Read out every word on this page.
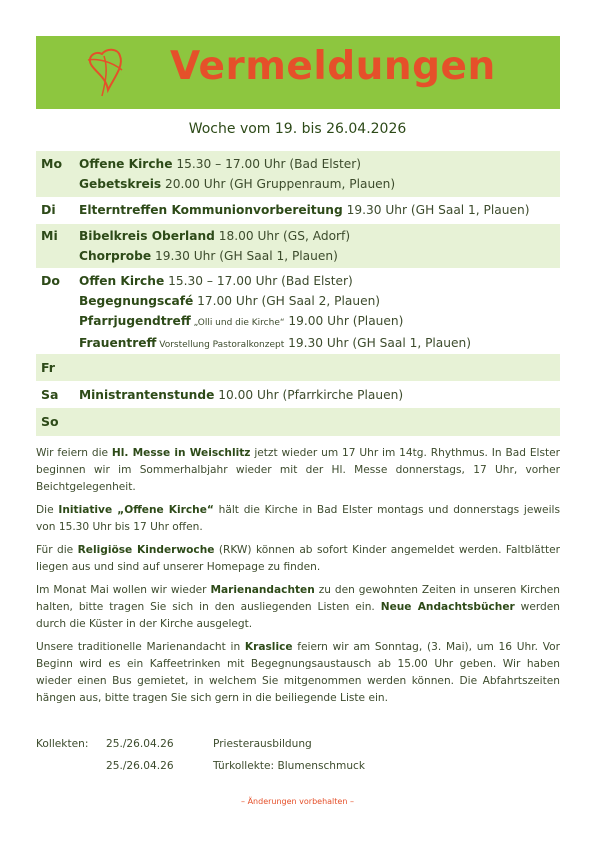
Vermeldungen
Woche vom 19. bis 26.04.2026
Mo	Offene Kirche 15.30 – 17.00 Uhr (Bad Elster)
Gebetskreis 20.00 Uhr (GH Gruppenraum, Plauen)
Di	Elterntreffen Kommunionvorbereitung 19.30 Uhr (GH Saal 1, Plauen)
Mi	Bibelkreis Oberland 18.00 Uhr (GS, Adorf)
Chorprobe 19.30 Uhr (GH Saal 1, Plauen)
Do	Offen Kirche 15.30 – 17.00 Uhr (Bad Elster)
Begegnungscafé 17.00 Uhr (GH Saal 2, Plauen)
Pfarrjugendtreff „Olli und die Kirche“ 19.00 Uhr (Plauen)
Frauentreff Vorstellung Pastoralkonzept 19.30 Uhr (GH Saal 1, Plauen)
Fr
Sa	Ministrantenstunde 10.00 Uhr (Pfarrkirche Plauen)
So

Wir feiern die Hl. Messe in Weischlitz jetzt wieder um 17 Uhr im 14tg. Rhythmus. In Bad Elster beginnen wir im Sommerhalbjahr wieder mit der Hl. Messe donnerstags, 17 Uhr, vorher Beichtgelegenheit.

Die Initiative „Offene Kirche“ hält die Kirche in Bad Elster montags und donnerstags jeweils von 15.30 Uhr bis 17 Uhr offen.

Für die Religiöse Kinderwoche (RKW) können ab sofort Kinder angemeldet werden. Faltblätter liegen aus und sind auf unserer Homepage zu finden.

Im Monat Mai wollen wir wieder Marienandachten zu den gewohnten Zeiten in unseren Kirchen halten, bitte tragen Sie sich in den ausliegenden Listen ein. Neue Andachtsbücher werden durch die Küster in der Kirche ausgelegt.

Unsere traditionelle Marienandacht in Kraslice feiern wir am Sonntag, (3. Mai), um 16 Uhr. Vor Beginn wird es ein Kaffeetrinken mit Begegnungsaustausch ab 15.00 Uhr geben. Wir haben wieder einen Bus gemietet, in welchem Sie mitgenommen werden können. Die Abfahrtszeiten hängen aus, bitte tragen Sie sich gern in die beiliegende Liste ein.

Kollekten: 25./26.04.26	Priesterausbildung
25./26.04.26	Türkollekte: Blumenschmuck
– Änderungen vorbehalten –
